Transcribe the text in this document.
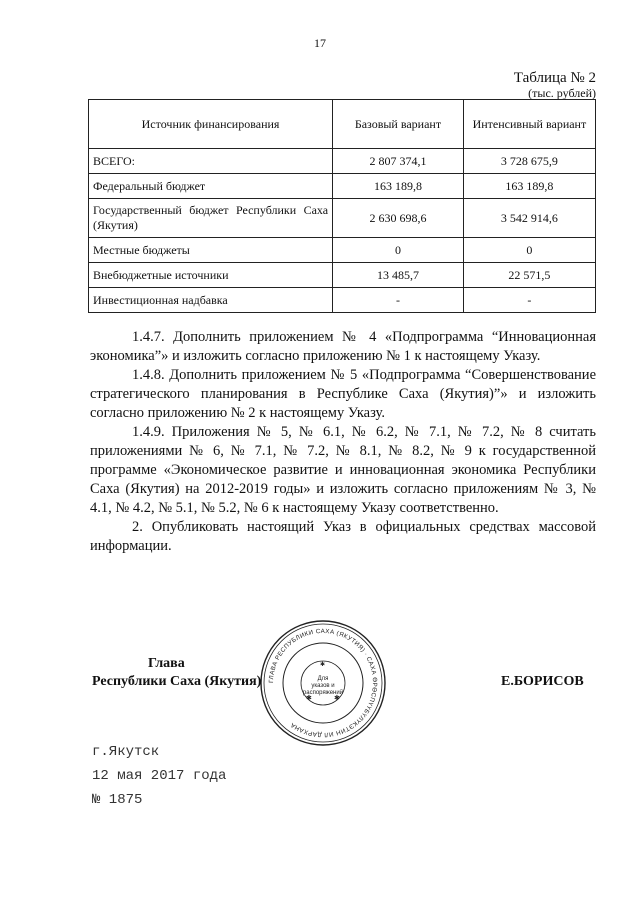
17
Таблица № 2
(тыс. рублей)
Источник финансирования	Базовый вариант	Интенсивный вариант
ВСЕГО:	2 807 374,1	3 728 675,9
Федеральный бюджет	163 189,8	163 189,8
Государственный бюджет Республики Саха (Якутия)	2 630 698,6	3 542 914,6
Местные бюджеты	0	0
Внебюджетные источники	13 485,7	22 571,5
Инвестиционная надбавка	-	-

1.4.7. Дополнить приложением № 4 «Подпрограмма “Инновационная экономика”» и изложить согласно приложению № 1 к настоящему Указу.

1.4.8. Дополнить приложением № 5 «Подпрограмма “Совершенствование стратегического планирования в Республике Саха (Якутия)”» и изложить согласно приложению № 2 к настоящему Указу.

1.4.9. Приложения № 5, № 6.1, № 6.2, № 7.1, № 7.2, № 8 считать приложениями № 6, № 7.1, № 7.2, № 8.1, № 8.2, № 9 к государственной программе «Экономическое развитие и инновационная экономика Республики Саха (Якутия) на 2012-2019 годы» и изложить согласно приложениям № 3, № 4.1, № 4.2, № 5.1, № 5.2, № 6 к настоящему Указу соответственно.

2. Опубликовать настоящий Указ в официальных средствах массовой информации.

Глава
Республики Саха (Якутия)	Е.БОРИСОВ
ГЛАВА РЕСПУБЛИКИ САХА (ЯКУТИЯ) · САХА ӨРӨСПҮҮБҮЛҮКЭТИН ИЛ ДАРХАНА
Для указов и распоряжений
✱	✱
✱
г.Якутск
12 мая 2017 года
№ 1875
